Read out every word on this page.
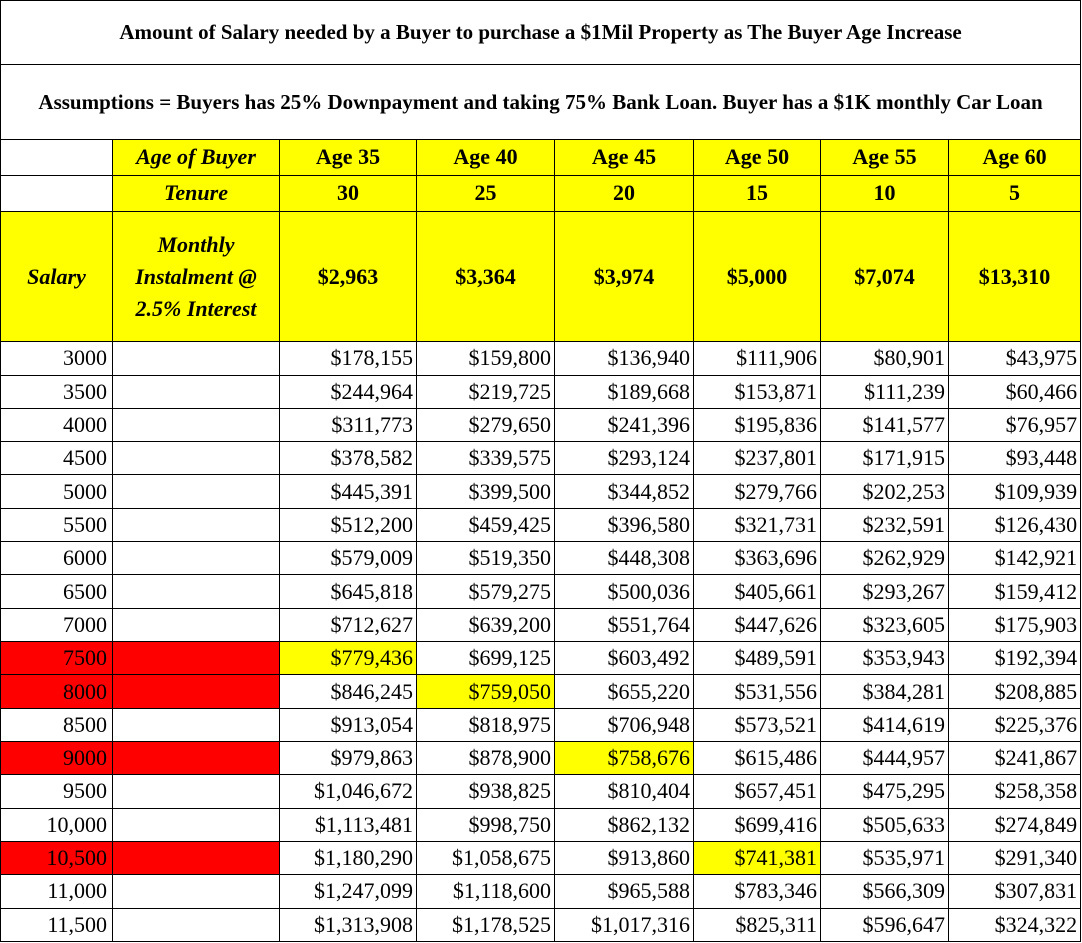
Amount of Salary needed by a Buyer to purchase a $1Mil Property as The Buyer Age Increase							
Assumptions = Buyers has 25% Downpayment and taking 75% Bank Loan. Buyer has a $1K monthly Car Loan							
	Age of Buyer	Age 35	Age 40	Age 45	Age 50	Age 55	Age 60
	Tenure	30	25	20	15	10	5
Salary	Monthly Instalment @ 2.5% Interest	$2,963	$3,364	$3,974	$5,000	$7,074	$13,310
3000		$178,155	$159,800	$136,940	$111,906	$80,901	$43,975
3500		$244,964	$219,725	$189,668	$153,871	$111,239	$60,466
4000		$311,773	$279,650	$241,396	$195,836	$141,577	$76,957
4500		$378,582	$339,575	$293,124	$237,801	$171,915	$93,448
5000		$445,391	$399,500	$344,852	$279,766	$202,253	$109,939
5500		$512,200	$459,425	$396,580	$321,731	$232,591	$126,430
6000		$579,009	$519,350	$448,308	$363,696	$262,929	$142,921
6500		$645,818	$579,275	$500,036	$405,661	$293,267	$159,412
7000		$712,627	$639,200	$551,764	$447,626	$323,605	$175,903
7500		$779,436	$699,125	$603,492	$489,591	$353,943	$192,394
8000		$846,245	$759,050	$655,220	$531,556	$384,281	$208,885
8500		$913,054	$818,975	$706,948	$573,521	$414,619	$225,376
9000		$979,863	$878,900	$758,676	$615,486	$444,957	$241,867
9500		$1,046,672	$938,825	$810,404	$657,451	$475,295	$258,358
10,000		$1,113,481	$998,750	$862,132	$699,416	$505,633	$274,849
10,500		$1,180,290	$1,058,675	$913,860	$741,381	$535,971	$291,340
11,000		$1,247,099	$1,118,600	$965,588	$783,346	$566,309	$307,831
11,500		$1,313,908	$1,178,525	$1,017,316	$825,311	$596,647	$324,322
